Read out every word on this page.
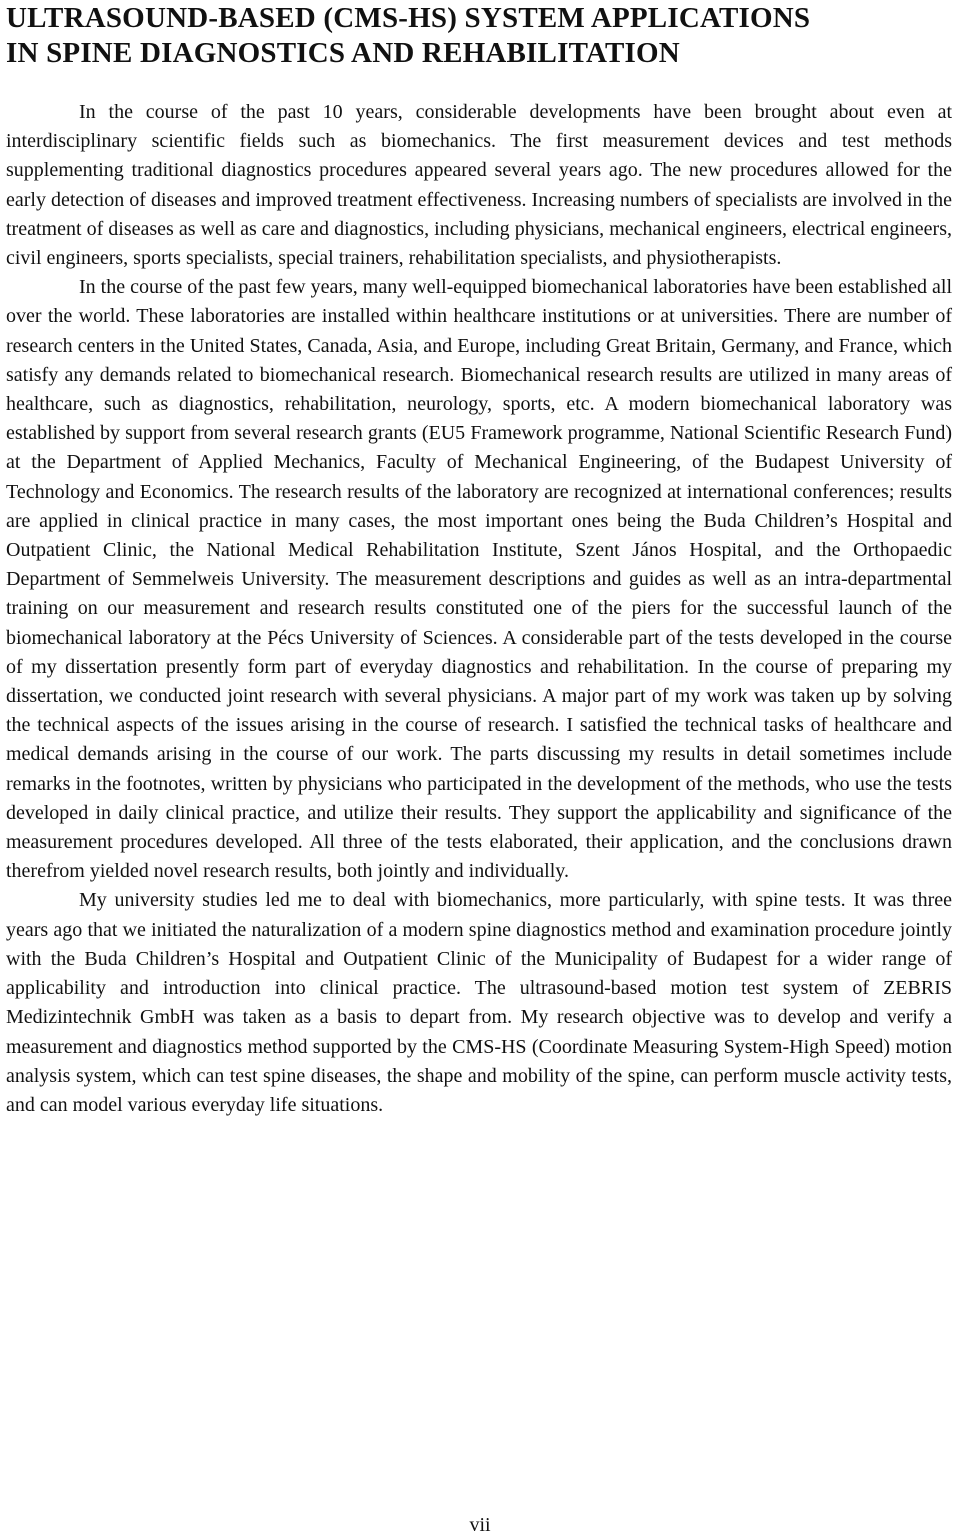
ULTRASOUND-BASED (CMS-HS) SYSTEM APPLICATIONS
IN SPINE DIAGNOSTICS AND REHABILITATION

In the course of the past 10 years, considerable developments have been brought about even at interdisciplinary scientific fields such as biomechanics. The first measurement devices and test methods supplementing traditional diagnostics procedures appeared several years ago. The new procedures allowed for the early detection of diseases and improved treatment effectiveness. Increasing numbers of specialists are involved in the treatment of diseases as well as care and diagnostics, including physicians, mechanical engineers, electrical engineers, civil engineers, sports specialists, special trainers, rehabilitation specialists, and physiotherapists.

In the course of the past few years, many well-equipped biomechanical laboratories have been established all over the world. These laboratories are installed within healthcare institutions or at universities. There are number of research centers in the United States, Canada, Asia, and Europe, including Great Britain, Germany, and France, which satisfy any demands related to biomechanical research. Biomechanical research results are utilized in many areas of healthcare, such as diagnostics, rehabilitation, neurology, sports, etc. A modern biomechanical laboratory was established by support from several research grants (EU5 Framework programme, National Scientific Research Fund) at the Department of Applied Mechanics, Faculty of Mechanical Engineering, of the Budapest University of Technology and Economics. The research results of the laboratory are recognized at international conferences; results are applied in clinical practice in many cases, the most important ones being the Buda Children’s Hospital and Outpatient Clinic, the National Medical Rehabilitation Institute, Szent János Hospital, and the Orthopaedic Department of Semmelweis University. The measurement descriptions and guides as well as an intra-departmental training on our measurement and research results constituted one of the piers for the successful launch of the biomechanical laboratory at the Pécs University of Sciences. A considerable part of the tests developed in the course of my dissertation presently form part of everyday diagnostics and rehabilitation. In the course of preparing my dissertation, we conducted joint research with several physicians. A major part of my work was taken up by solving the technical aspects of the issues arising in the course of research. I satisfied the technical tasks of healthcare and medical demands arising in the course of our work. The parts discussing my results in detail sometimes include remarks in the footnotes, written by physicians who participated in the development of the methods, who use the tests developed in daily clinical practice, and utilize their results. They support the applicability and significance of the measurement procedures developed. All three of the tests elaborated, their application, and the conclusions drawn therefrom yielded novel research results, both jointly and individually.

My university studies led me to deal with biomechanics, more particularly, with spine tests. It was three years ago that we initiated the naturalization of a modern spine diagnostics method and examination procedure jointly with the Buda Children’s Hospital and Outpatient Clinic of the Municipality of Budapest for a wider range of applicability and introduction into clinical practice. The ultrasound-based motion test system of ZEBRIS Medizintechnik GmbH was taken as a basis to depart from. My research objective was to develop and verify a measurement and diagnostics method supported by the CMS-HS (Coordinate Measuring System-High Speed) motion analysis system, which can test spine diseases, the shape and mobility of the spine, can perform muscle activity tests, and can model various everyday life situations.

vii
